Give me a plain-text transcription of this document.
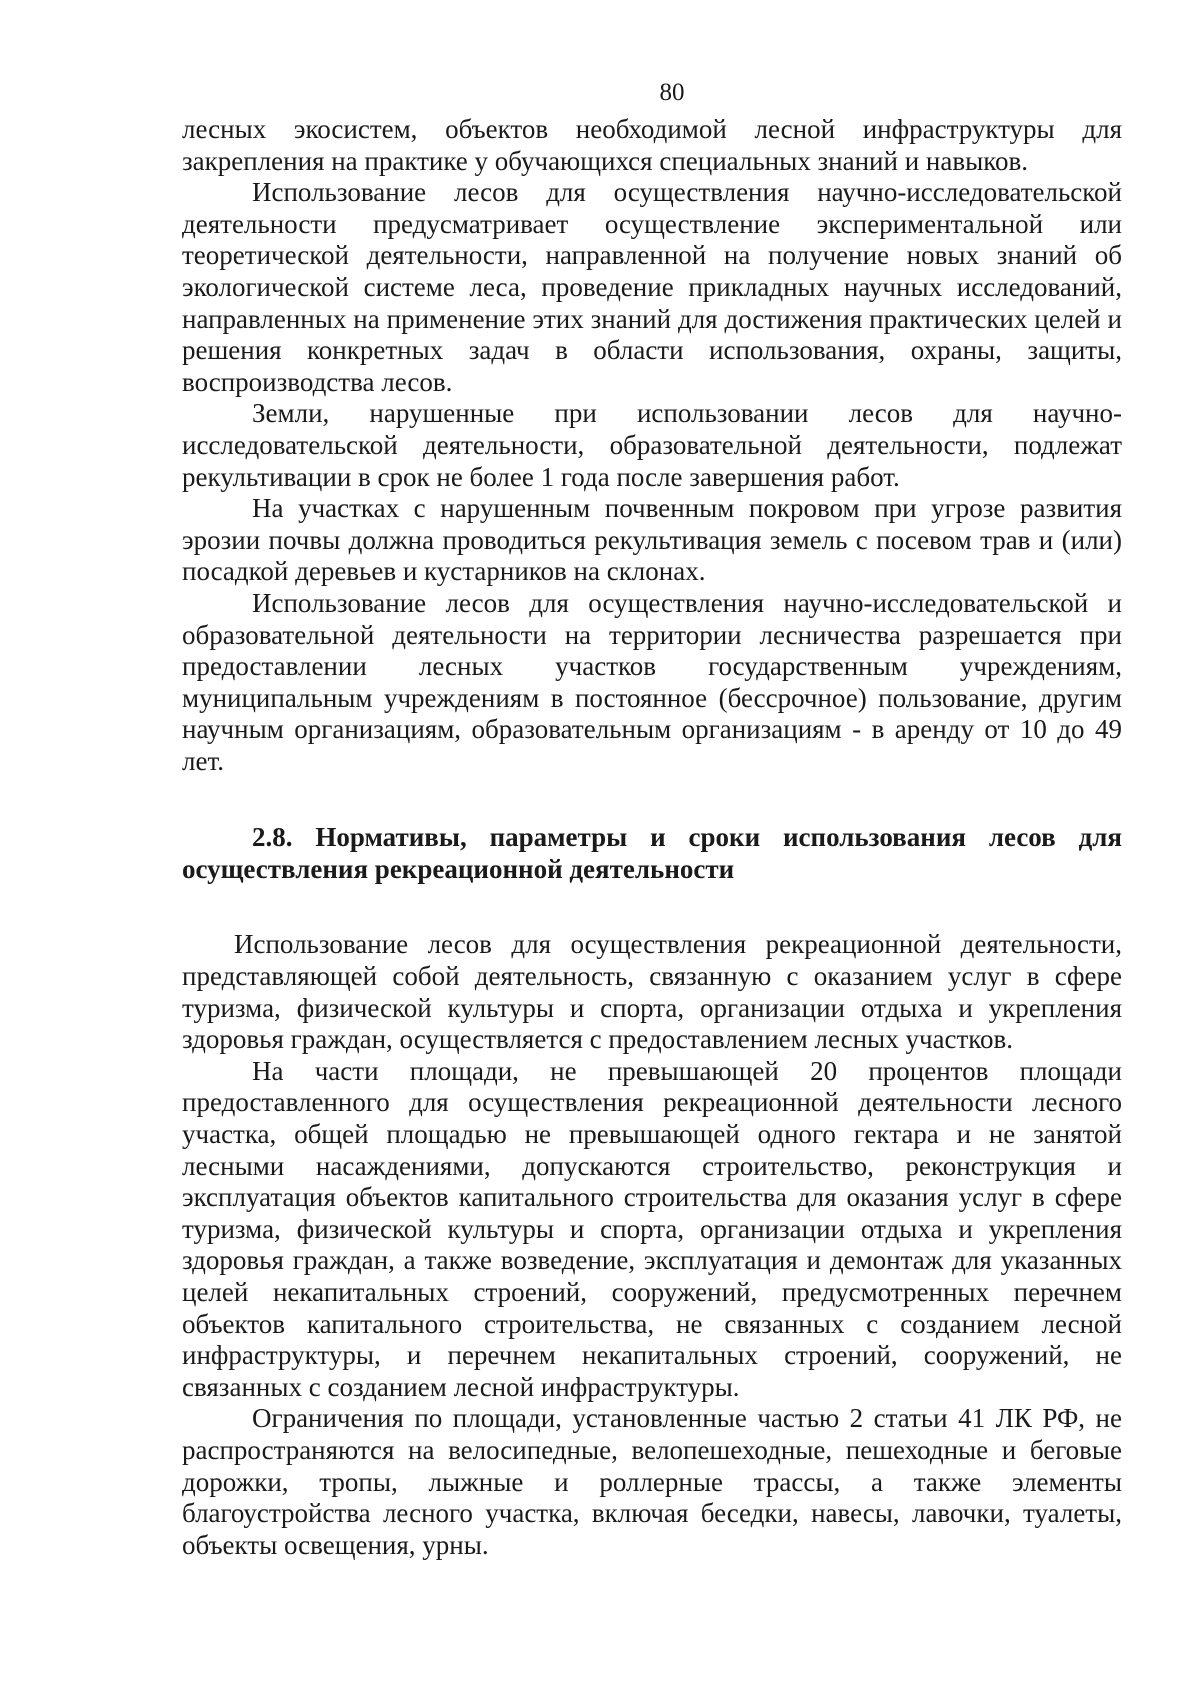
80

лесных экосистем, объектов необходимой лесной инфраструктуры для закрепления на практике у обучающихся специальных знаний и навыков.

Использование лесов для осуществления научно-исследовательской деятельности предусматривает осуществление экспериментальной или теоретической деятельности, направленной на получение новых знаний об экологической системе леса, проведение прикладных научных исследований, направленных на применение этих знаний для достижения практических целей и решения конкретных задач в области использования, охраны, защиты, воспроизводства лесов.

Земли, нарушенные при использовании лесов для научно-исследовательской деятельности, образовательной деятельности, подлежат рекультивации в срок не более 1 года после завершения работ.

На участках с нарушенным почвенным покровом при угрозе развития эрозии почвы должна проводиться рекультивация земель с посевом трав и (или) посадкой деревьев и кустарников на склонах.

Использование лесов для осуществления научно-исследовательской и образовательной деятельности на территории лесничества разрешается при предоставлении лесных участков государственным учреждениям, муниципальным учреждениям в постоянное (бессрочное) пользование, другим научным организациям, образовательным организациям - в аренду от 10 до 49 лет.

2.8. Нормативы, параметры и сроки использования лесов для осуществления рекреационной деятельности

Использование лесов для осуществления рекреационной деятельности, представляющей собой деятельность, связанную с оказанием услуг в сфере туризма, физической культуры и спорта, организации отдыха и укрепления здоровья граждан, осуществляется с предоставлением лесных участков.

На части площади, не превышающей 20 процентов площади предоставленного для осуществления рекреационной деятельности лесного участка, общей площадью не превышающей одного гектара и не занятой лесными насаждениями, допускаются строительство, реконструкция и эксплуатация объектов капитального строительства для оказания услуг в сфере туризма, физической культуры и спорта, организации отдыха и укрепления здоровья граждан, а также возведение, эксплуатация и демонтаж для указанных целей некапитальных строений, сооружений, предусмотренных перечнем объектов капитального строительства, не связанных с созданием лесной инфраструктуры, и перечнем некапитальных строений, сооружений, не связанных с созданием лесной инфраструктуры.

Ограничения по площади, установленные частью 2 статьи 41 ЛК РФ, не распространяются на велосипедные, велопешеходные, пешеходные и беговые дорожки, тропы, лыжные и роллерные трассы, а также элементы благоустройства лесного участка, включая беседки, навесы, лавочки, туалеты, объекты освещения, урны.
